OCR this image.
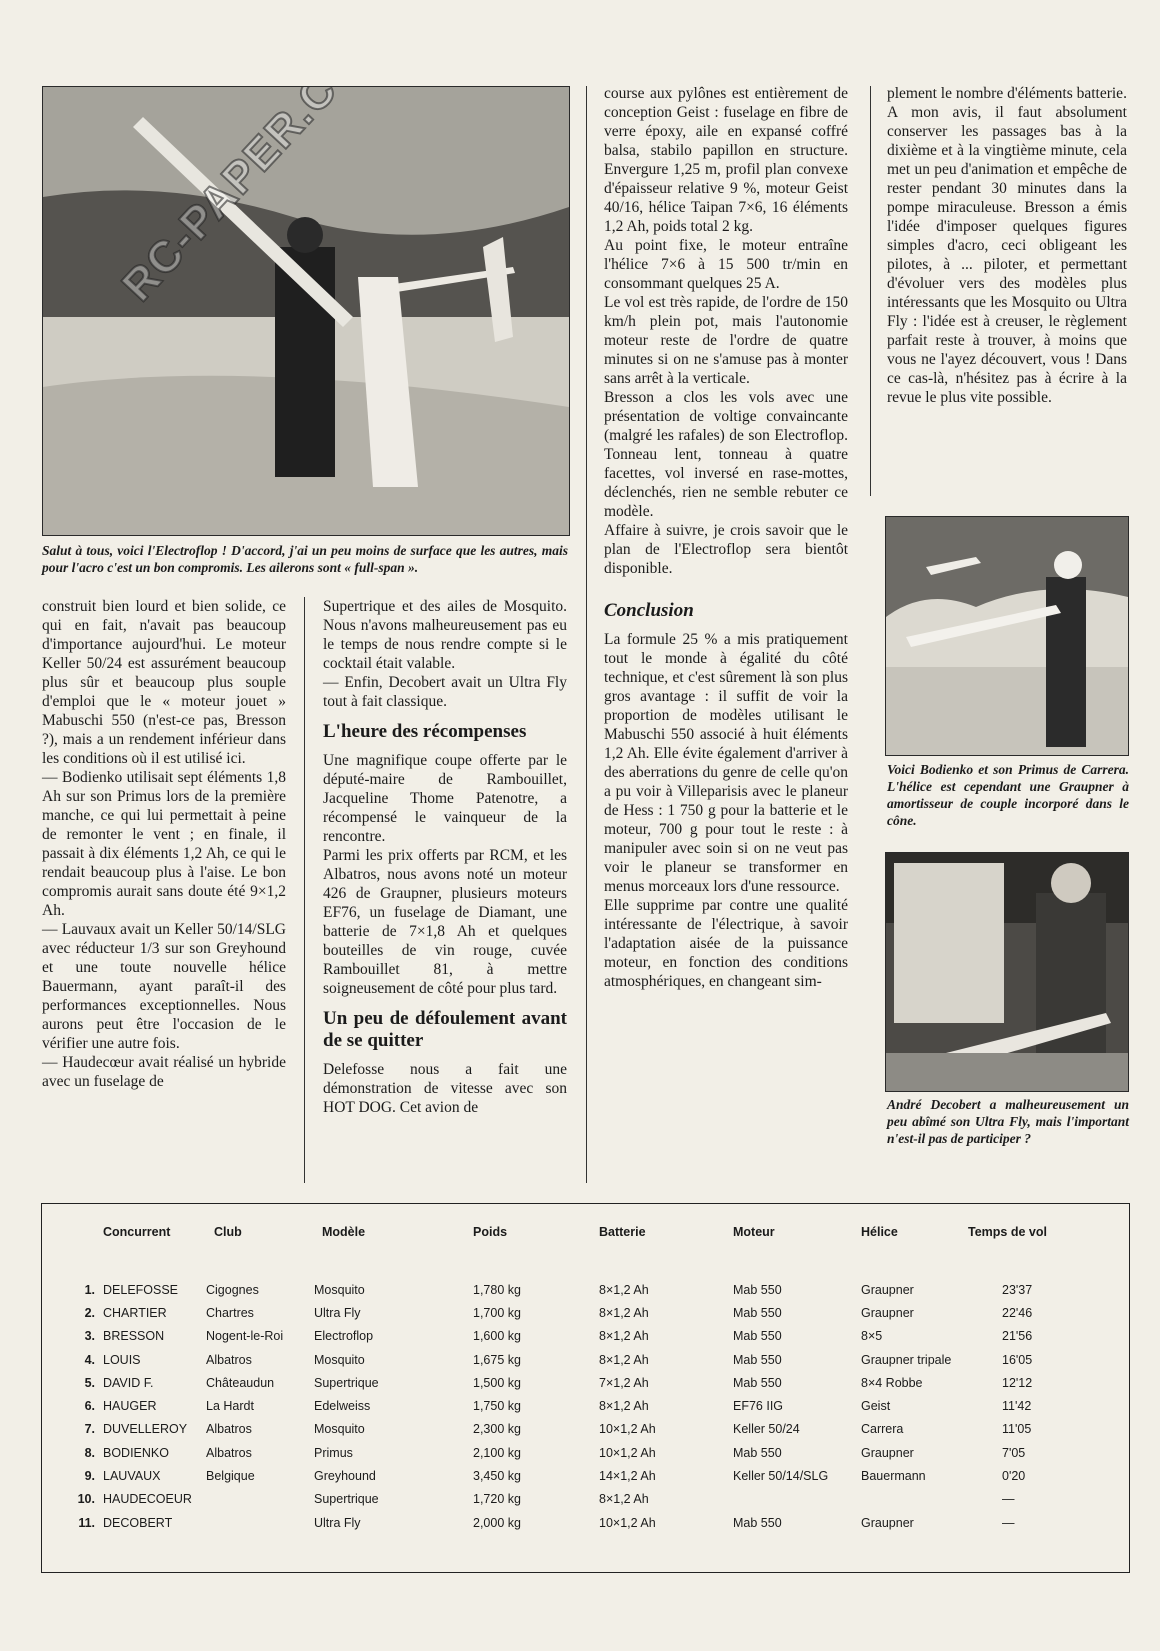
Salut à tous, voici l'Electroflop ! D'accord, j'ai un peu moins de surface que les autres, mais pour l'acro c'est un bon compromis. Les ailerons sont « full-span ».

construit bien lourd et bien solide, ce qui en fait, n'avait pas beaucoup d'importance aujourd'hui. Le moteur Keller 50/24 est assurément beaucoup plus sûr et beaucoup plus souple d'emploi que le « moteur jouet » Mabuschi 550 (n'est-ce pas, Bresson ?), mais a un rendement inférieur dans les conditions où il est utilisé ici.

— Bodienko utilisait sept éléments 1,8 Ah sur son Primus lors de la première manche, ce qui lui permettait à peine de remonter le vent ; en finale, il passait à dix éléments 1,2 Ah, ce qui le rendait beaucoup plus à l'aise. Le bon compromis aurait sans doute été 9×1,2 Ah.

— Lauvaux avait un Keller 50/14/SLG avec réducteur 1/3 sur son Greyhound et une toute nouvelle hélice Bauermann, ayant paraît-il des performances exceptionnelles. Nous aurons peut être l'occasion de le vérifier une autre fois.

— Haudecœur avait réalisé un hybride avec un fuselage de

Supertrique et des ailes de Mosquito. Nous n'avons malheureusement pas eu le temps de nous rendre compte si le cocktail était valable.

— Enfin, Decobert avait un Ultra Fly tout à fait classique.

L'heure des récompenses

Une magnifique coupe offerte par le député-maire de Rambouillet, Jacqueline Thome Patenotre, a récompensé le vainqueur de la rencontre.

Parmi les prix offerts par RCM, et les Albatros, nous avons noté un moteur 426 de Graupner, plusieurs moteurs EF76, un fuselage de Diamant, une batterie de 7×1,8 Ah et quelques bouteilles de vin rouge, cuvée Rambouillet 81, à mettre soigneusement de côté pour plus tard.

Un peu de défoulement avant de se quitter

Delefosse nous a fait une démonstration de vitesse avec son HOT DOG. Cet avion de

course aux pylônes est entièrement de conception Geist : fuselage en fibre de verre époxy, aile en expansé coffré balsa, stabilo papillon en structure. Envergure 1,25 m, profil plan convexe d'épaisseur relative 9 %, moteur Geist 40/16, hélice Taipan 7×6, 16 éléments 1,2 Ah, poids total 2 kg.

Au point fixe, le moteur entraîne l'hélice 7×6 à 15 500 tr/min en consommant quelques 25 A.

Le vol est très rapide, de l'ordre de 150 km/h plein pot, mais l'autonomie moteur reste de l'ordre de quatre minutes si on ne s'amuse pas à monter sans arrêt à la verticale.

Bresson a clos les vols avec une présentation de voltige convaincante (malgré les rafales) de son Electroflop. Tonneau lent, tonneau à quatre facettes, vol inversé en rase-mottes, déclenchés, rien ne semble rebuter ce modèle.

Affaire à suivre, je crois savoir que le plan de l'Electroflop sera bientôt disponible.

Conclusion

La formule 25 % a mis pratiquement tout le monde à égalité du côté technique, et c'est sûrement là son plus gros avantage : il suffit de voir la proportion de modèles utilisant le Mabuschi 550 associé à huit éléments 1,2 Ah. Elle évite également d'arriver à des aberrations du genre de celle qu'on a pu voir à Villeparisis avec le planeur de Hess : 1 750 g pour la batterie et le moteur, 700 g pour tout le reste : à manipuler avec soin si on ne veut pas voir le planeur se transformer en menus morceaux lors d'une ressource.

Elle supprime par contre une qualité intéressante de l'électrique, à savoir l'adaptation aisée de la puissance moteur, en fonction des conditions atmosphériques, en changeant sim-

plement le nombre d'éléments batterie.

A mon avis, il faut absolument conserver les passages bas à la dixième et à la vingtième minute, cela met un peu d'animation et empêche de rester pendant 30 minutes dans la pompe miraculeuse. Bresson a émis l'idée d'imposer quelques figures simples d'acro, ceci obligeant les pilotes, à ... piloter, et permettant d'évoluer vers des modèles plus intéressants que les Mosquito ou Ultra Fly : l'idée est à creuser, le règlement parfait reste à trouver, à moins que vous ne l'ayez découvert, vous ! Dans ce cas-là, n'hésitez pas à écrire à la revue le plus vite possible.

Voici Bodienko et son Primus de Carrera. L'hélice est cependant une Graupner à amortisseur de couple incorporé dans le cône.
André Decobert a malheureusement un peu abîmé son Ultra Fly, mais l'important n'est-il pas de participer ?
Concurrent		Club	Modèle	Poids	Batterie	Moteur	Hélice	Temps de vol

1.	DELEFOSSE	Cigognes	Mosquito	1,780 kg	8×1,2 Ah	Mab 550	Graupner	23'37
2.	CHARTIER	Chartres	Ultra Fly	1,700 kg	8×1,2 Ah	Mab 550	Graupner	22'46
3.	BRESSON	Nogent-le-Roi	Electroflop	1,600 kg	8×1,2 Ah	Mab 550	8×5	21'56
4.	LOUIS	Albatros	Mosquito	1,675 kg	8×1,2 Ah	Mab 550	Graupner tripale	16'05
5.	DAVID F.	Châteaudun	Supertrique	1,500 kg	7×1,2 Ah	Mab 550	8×4 Robbe	12'12
6.	HAUGER	La Hardt	Edelweiss	1,750 kg	8×1,2 Ah	EF76 IIG	Geist	11'42
7.	DUVELLEROY	Albatros	Mosquito	2,300 kg	10×1,2 Ah	Keller 50/24	Carrera	11'05
8.	BODIENKO	Albatros	Primus	2,100 kg	10×1,2 Ah	Mab 550	Graupner	7'05
9.	LAUVAUX	Belgique	Greyhound	3,450 kg	14×1,2 Ah	Keller 50/14/SLG	Bauermann	0'20
10.	HAUDECOEUR		Supertrique	1,720 kg	8×1,2 Ah			—
11.	DECOBERT		Ultra Fly	2,000 kg	10×1,2 Ah	Mab 550	Graupner	—
